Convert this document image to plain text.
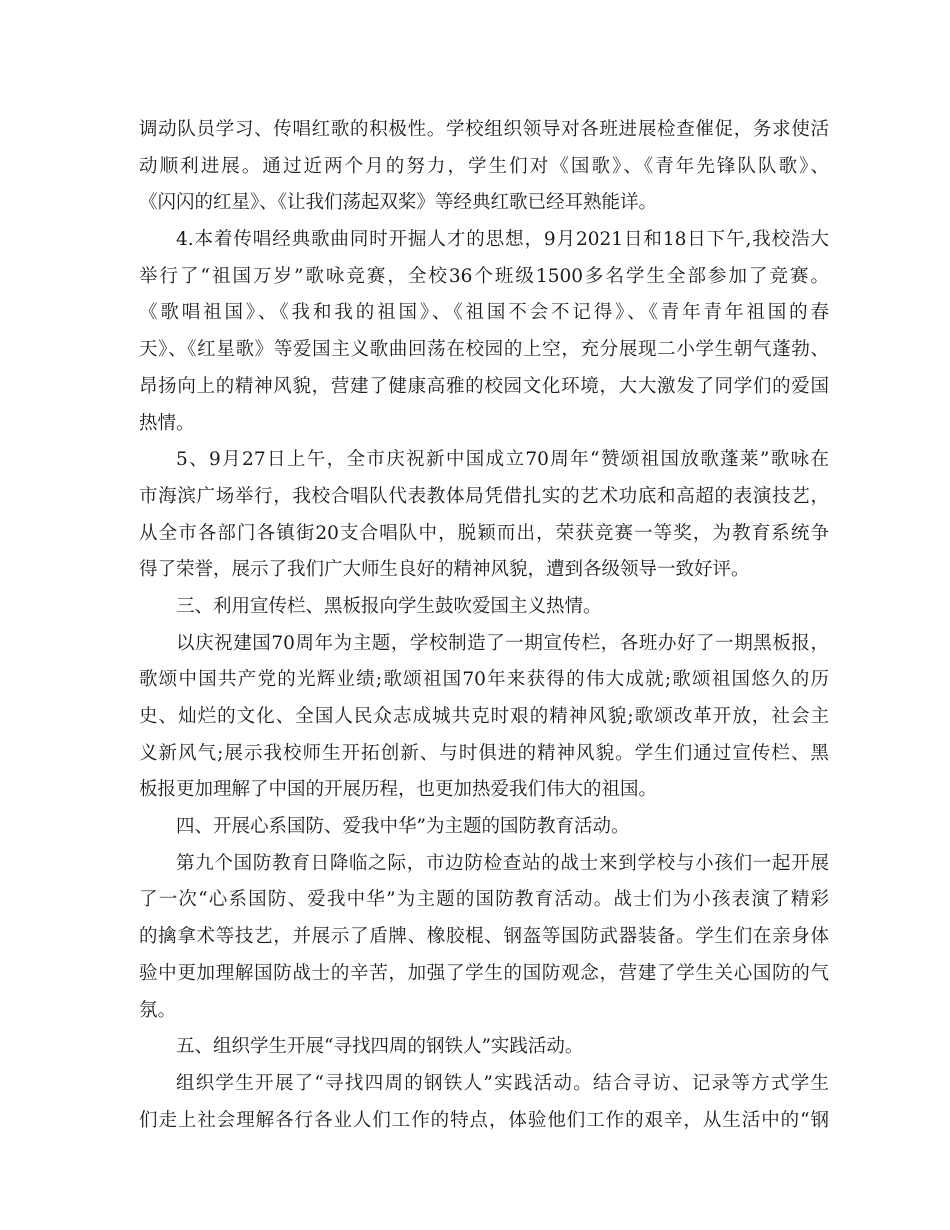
调动队员学习、传唱红歌的积极性。学校组织领导对各班进展检查催促，务求使活

动顺利进展。通过近两个月的努力，学生们对《国歌》、《青年先锋队队歌》、

《闪闪的红星》、《让我们荡起双桨》等经典红歌已经耳熟能详。

4.本着传唱经典歌曲同时开掘人才的思想，9月2021日和18日下午,我校浩大

举行了“祖国万岁”歌咏竞赛，全校36个班级1500多名学生全部参加了竞赛。

《歌唱祖国》、《我和我的祖国》、《祖国不会不记得》、《青年青年祖国的春

天》、《红星歌》等爱国主义歌曲回荡在校园的上空，充分展现二小学生朝气蓬勃、

昂扬向上的精神风貌，营建了健康高雅的校园文化环境，大大激发了同学们的爱国

热情。

5、9月27日上午，全市庆祝新中国成立70周年“赞颂祖国放歌蓬莱”歌咏在

市海滨广场举行，我校合唱队代表教体局凭借扎实的艺术功底和高超的表演技艺，

从全市各部门各镇街20支合唱队中，脱颖而出，荣获竞赛一等奖，为教育系统争

得了荣誉，展示了我们广大师生良好的精神风貌，遭到各级领导一致好评。

三、利用宣传栏、黑板报向学生鼓吹爱国主义热情。

以庆祝建国70周年为主题，学校制造了一期宣传栏，各班办好了一期黑板报，

歌颂中国共产党的光辉业绩;歌颂祖国70年来获得的伟大成就;歌颂祖国悠久的历

史、灿烂的文化、全国人民众志成城共克时艰的精神风貌;歌颂改革开放，社会主

义新风气;展示我校师生开拓创新、与时俱进的精神风貌。学生们通过宣传栏、黑

板报更加理解了中国的开展历程，也更加热爱我们伟大的祖国。

四、开展心系国防、爱我中华”为主题的国防教育活动。

第九个国防教育日降临之际，市边防检查站的战士来到学校与小孩们一起开展

了一次“心系国防、爱我中华”为主题的国防教育活动。战士们为小孩表演了精彩

的擒拿术等技艺，并展示了盾牌、橡胶棍、钢盔等国防武器装备。学生们在亲身体

验中更加理解国防战士的辛苦，加强了学生的国防观念，营建了学生关心国防的气

氛。

五、组织学生开展“寻找四周的钢铁人”实践活动。

组织学生开展了“寻找四周的钢铁人”实践活动。结合寻访、记录等方式学生

们走上社会理解各行各业人们工作的特点，体验他们工作的艰辛，从生活中的“钢
